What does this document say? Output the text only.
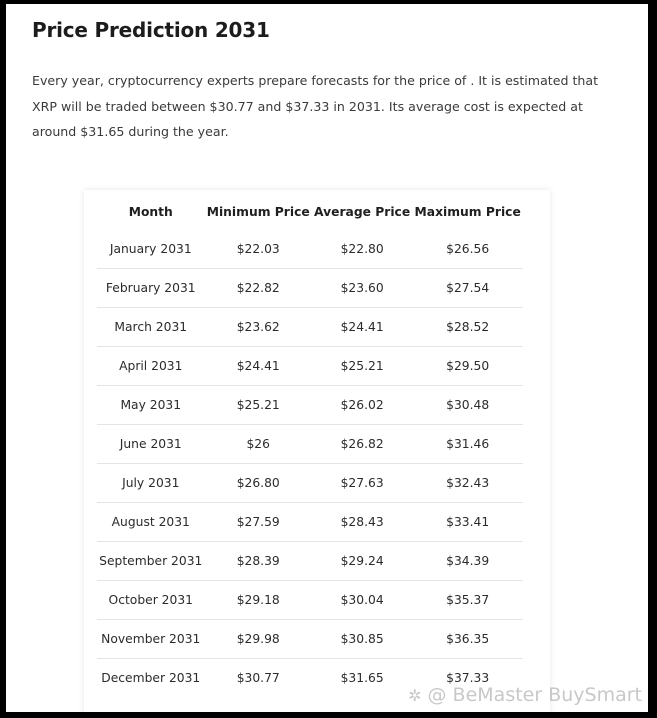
Price Prediction 2031

Every year, cryptocurrency experts prepare forecasts for the price of . It is estimated that XRP will be traded between $30.77 and $37.33 in 2031. Its average cost is expected at around $31.65 during the year.

Month	Minimum Price	Average Price	Maximum Price
January 2031	$22.03	$22.80	$26.56
February 2031	$22.82	$23.60	$27.54
March 2031	$23.62	$24.41	$28.52
April 2031	$24.41	$25.21	$29.50
May 2031	$25.21	$26.02	$30.48
June 2031	$26	$26.82	$31.46
July 2031	$26.80	$27.63	$32.43
August 2031	$27.59	$28.43	$33.41
September 2031	$28.39	$29.24	$34.39
October 2031	$29.18	$30.04	$35.37
November 2031	$29.98	$30.85	$36.35
December 2031	$30.77	$31.65	$37.33
✲ @ BeMaster BuySmart
